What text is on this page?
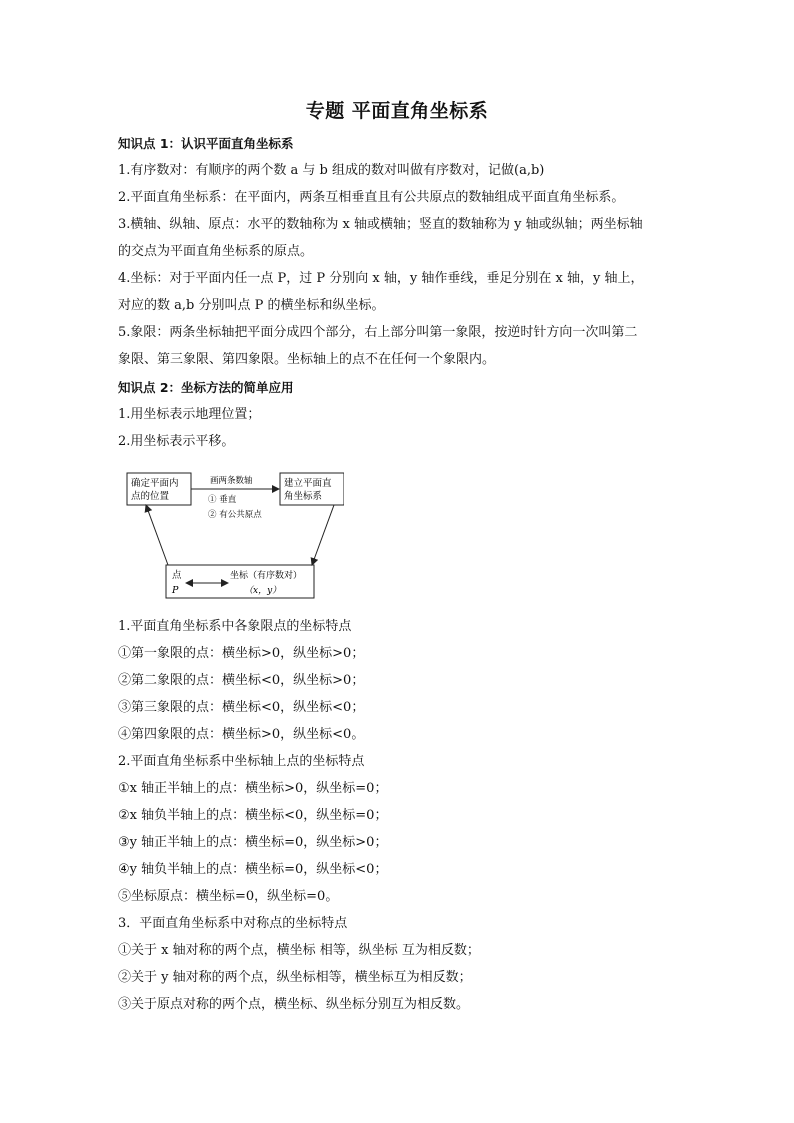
专题 平面直角坐标系
知识点 1：认识平面直角坐标系
1.有序数对：有顺序的两个数 a 与 b 组成的数对叫做有序数对，记做(a,b)
2.平面直角坐标系：在平面内，两条互相垂直且有公共原点的数轴组成平面直角坐标系。
3.横轴、纵轴、原点：水平的数轴称为 x 轴或横轴；竖直的数轴称为 y 轴或纵轴；两坐标轴
的交点为平面直角坐标系的原点。
4.坐标：对于平面内任一点 P，过 P 分别向 x 轴，y 轴作垂线，垂足分别在 x 轴，y 轴上，
对应的数 a,b 分别叫点 P 的横坐标和纵坐标。
5.象限：两条坐标轴把平面分成四个部分，右上部分叫第一象限，按逆时针方向一次叫第二
象限、第三象限、第四象限。坐标轴上的点不在任何一个象限内。
知识点 2：坐标方法的简单应用
1.用坐标表示地理位置；
2.用坐标表示平移。
确定平面内
点的位置
建立平面直
角坐标系
画两条数轴
① 垂直
② 有公共原点
点
P
坐标（有序数对）
（x，y）
1.平面直角坐标系中各象限点的坐标特点
①第一象限的点：横坐标>0，纵坐标>0；
②第二象限的点：横坐标<0，纵坐标>0；
③第三象限的点：横坐标<0，纵坐标<0；
④第四象限的点：横坐标>0，纵坐标<0。
2.平面直角坐标系中坐标轴上点的坐标特点
①x 轴正半轴上的点：横坐标>0，纵坐标=0；
②x 轴负半轴上的点：横坐标<0，纵坐标=0；
③y 轴正半轴上的点：横坐标=0，纵坐标>0；
④y 轴负半轴上的点：横坐标=0，纵坐标<0；
⑤坐标原点：横坐标=0，纵坐标=0。
3．平面直角坐标系中对称点的坐标特点
①关于 x 轴对称的两个点，横坐标 相等，纵坐标 互为相反数；
②关于 y 轴对称的两个点，纵坐标相等，横坐标互为相反数；
③关于原点对称的两个点，横坐标、纵坐标分别互为相反数。
